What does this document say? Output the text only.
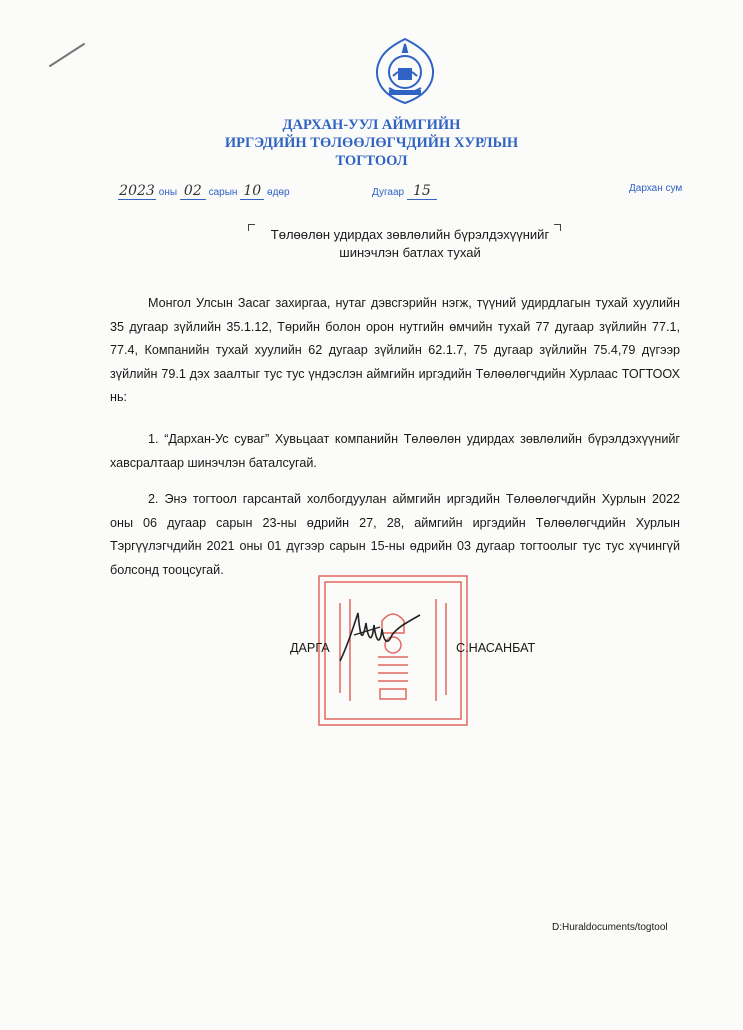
ДАРХАН-УУЛ АЙМГИЙН
ИРГЭДИЙН ТӨЛӨӨЛӨГЧДИЙН ХУРЛЫН
ТОГТООЛ
2023 оны 02 сарын 10 өдөр	Дугаар 15	Дархан сум
Төлөөлөн удирдах зөвлөлийн бүрэлдэхүүнийг
шинэчлэн батлах тухай
Монгол Улсын Засаг захиргаа, нутаг дэвсгэрийн нэгж, түүний удирдлагын тухай хуулийн 35 дугаар зүйлийн 35.1.12, Төрийн болон орон нутгийн өмчийн тухай 77 дугаар зүйлийн 77.1, 77.4, Компанийн тухай хуулийн 62 дугаар зүйлийн 62.1.7, 75 дугаар зүйлийн 75.4,79 дүгээр зүйлийн 79.1 дэх заалтыг тус тус үндэслэн аймгийн иргэдийн Төлөөлөгчдийн Хурлаас ТОГТООХ нь:
1. “Дархан-Ус суваг” Хувьцаат компанийн Төлөөлөн удирдах зөвлөлийн бүрэлдэхүүнийг хавсралтаар шинэчлэн баталсугай.
2. Энэ тогтоол гарсантай холбогдуулан аймгийн иргэдийн Төлөөлөгчдийн Хурлын 2022 оны 06 дугаар сарын 23-ны өдрийн 27, 28, аймгийн иргэдийн Төлөөлөгчдийн Хурлын Тэргүүлэгчдийн 2021 оны 01 дүгээр сарын 15-ны өдрийн 03 дугаар тогтоолыг тус тус хүчингүй болсонд тооцсугай.
ДАРГА	С.НАСАНБАТ
D:Huraldocuments/togtool
